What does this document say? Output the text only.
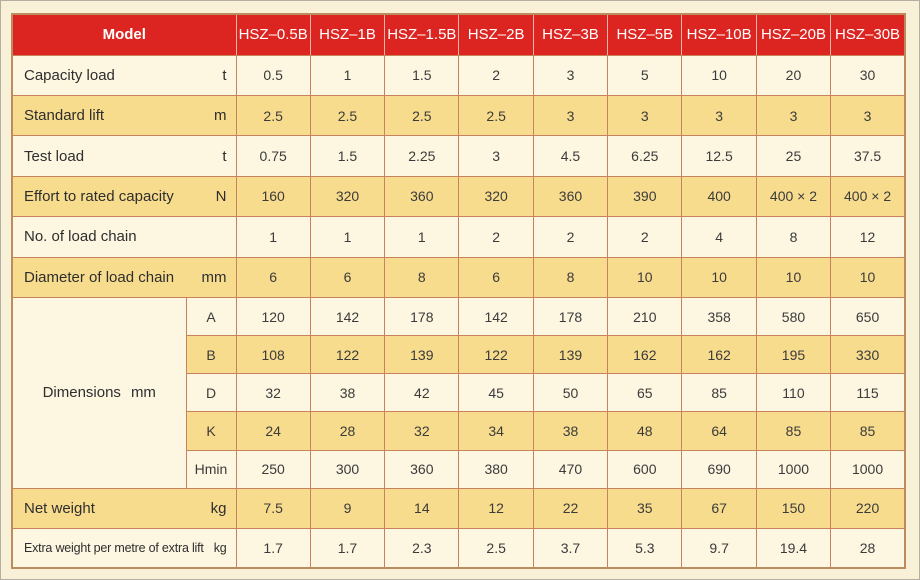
Model		HSZ–0.5B	HSZ–1B	HSZ–1.5B	HSZ–2B	HSZ–3B	HSZ–5B	HSZ–10B	HSZ–20B	HSZ–30B

Capacity load t		0.5	1	1.5	2	3	5	10	20	30

Standard lift m		2.5	2.5	2.5	2.5	3	3	3	3	3

Test load t		0.75	1.5	2.25	3	4.5	6.25	12.5	25	37.5

Effort to rated capacity N		160	320	360	320	360	390	400	400 × 2	400 × 2

No. of load chain		1	1	1	2	2	2	4	8	12

Diameter of load chain mm		6	6	8	6	8	10	10	10	10
Dimensions mm	A	120	142	178	142	178	210	358	580	650
	B	108	122	139	122	139	162	162	195	330
	D	32	38	42	45	50	65	85	110	115
	K	24	28	32	34	38	48	64	85	85
	Hmin	250	300	360	380	470	600	690	1000	1000

Net weight kg		7.5	9	14	12	22	35	67	150	220

Extra weight per metre of extra lift kg		1.7	1.7	2.3	2.5	3.7	5.3	9.7	19.4	28
